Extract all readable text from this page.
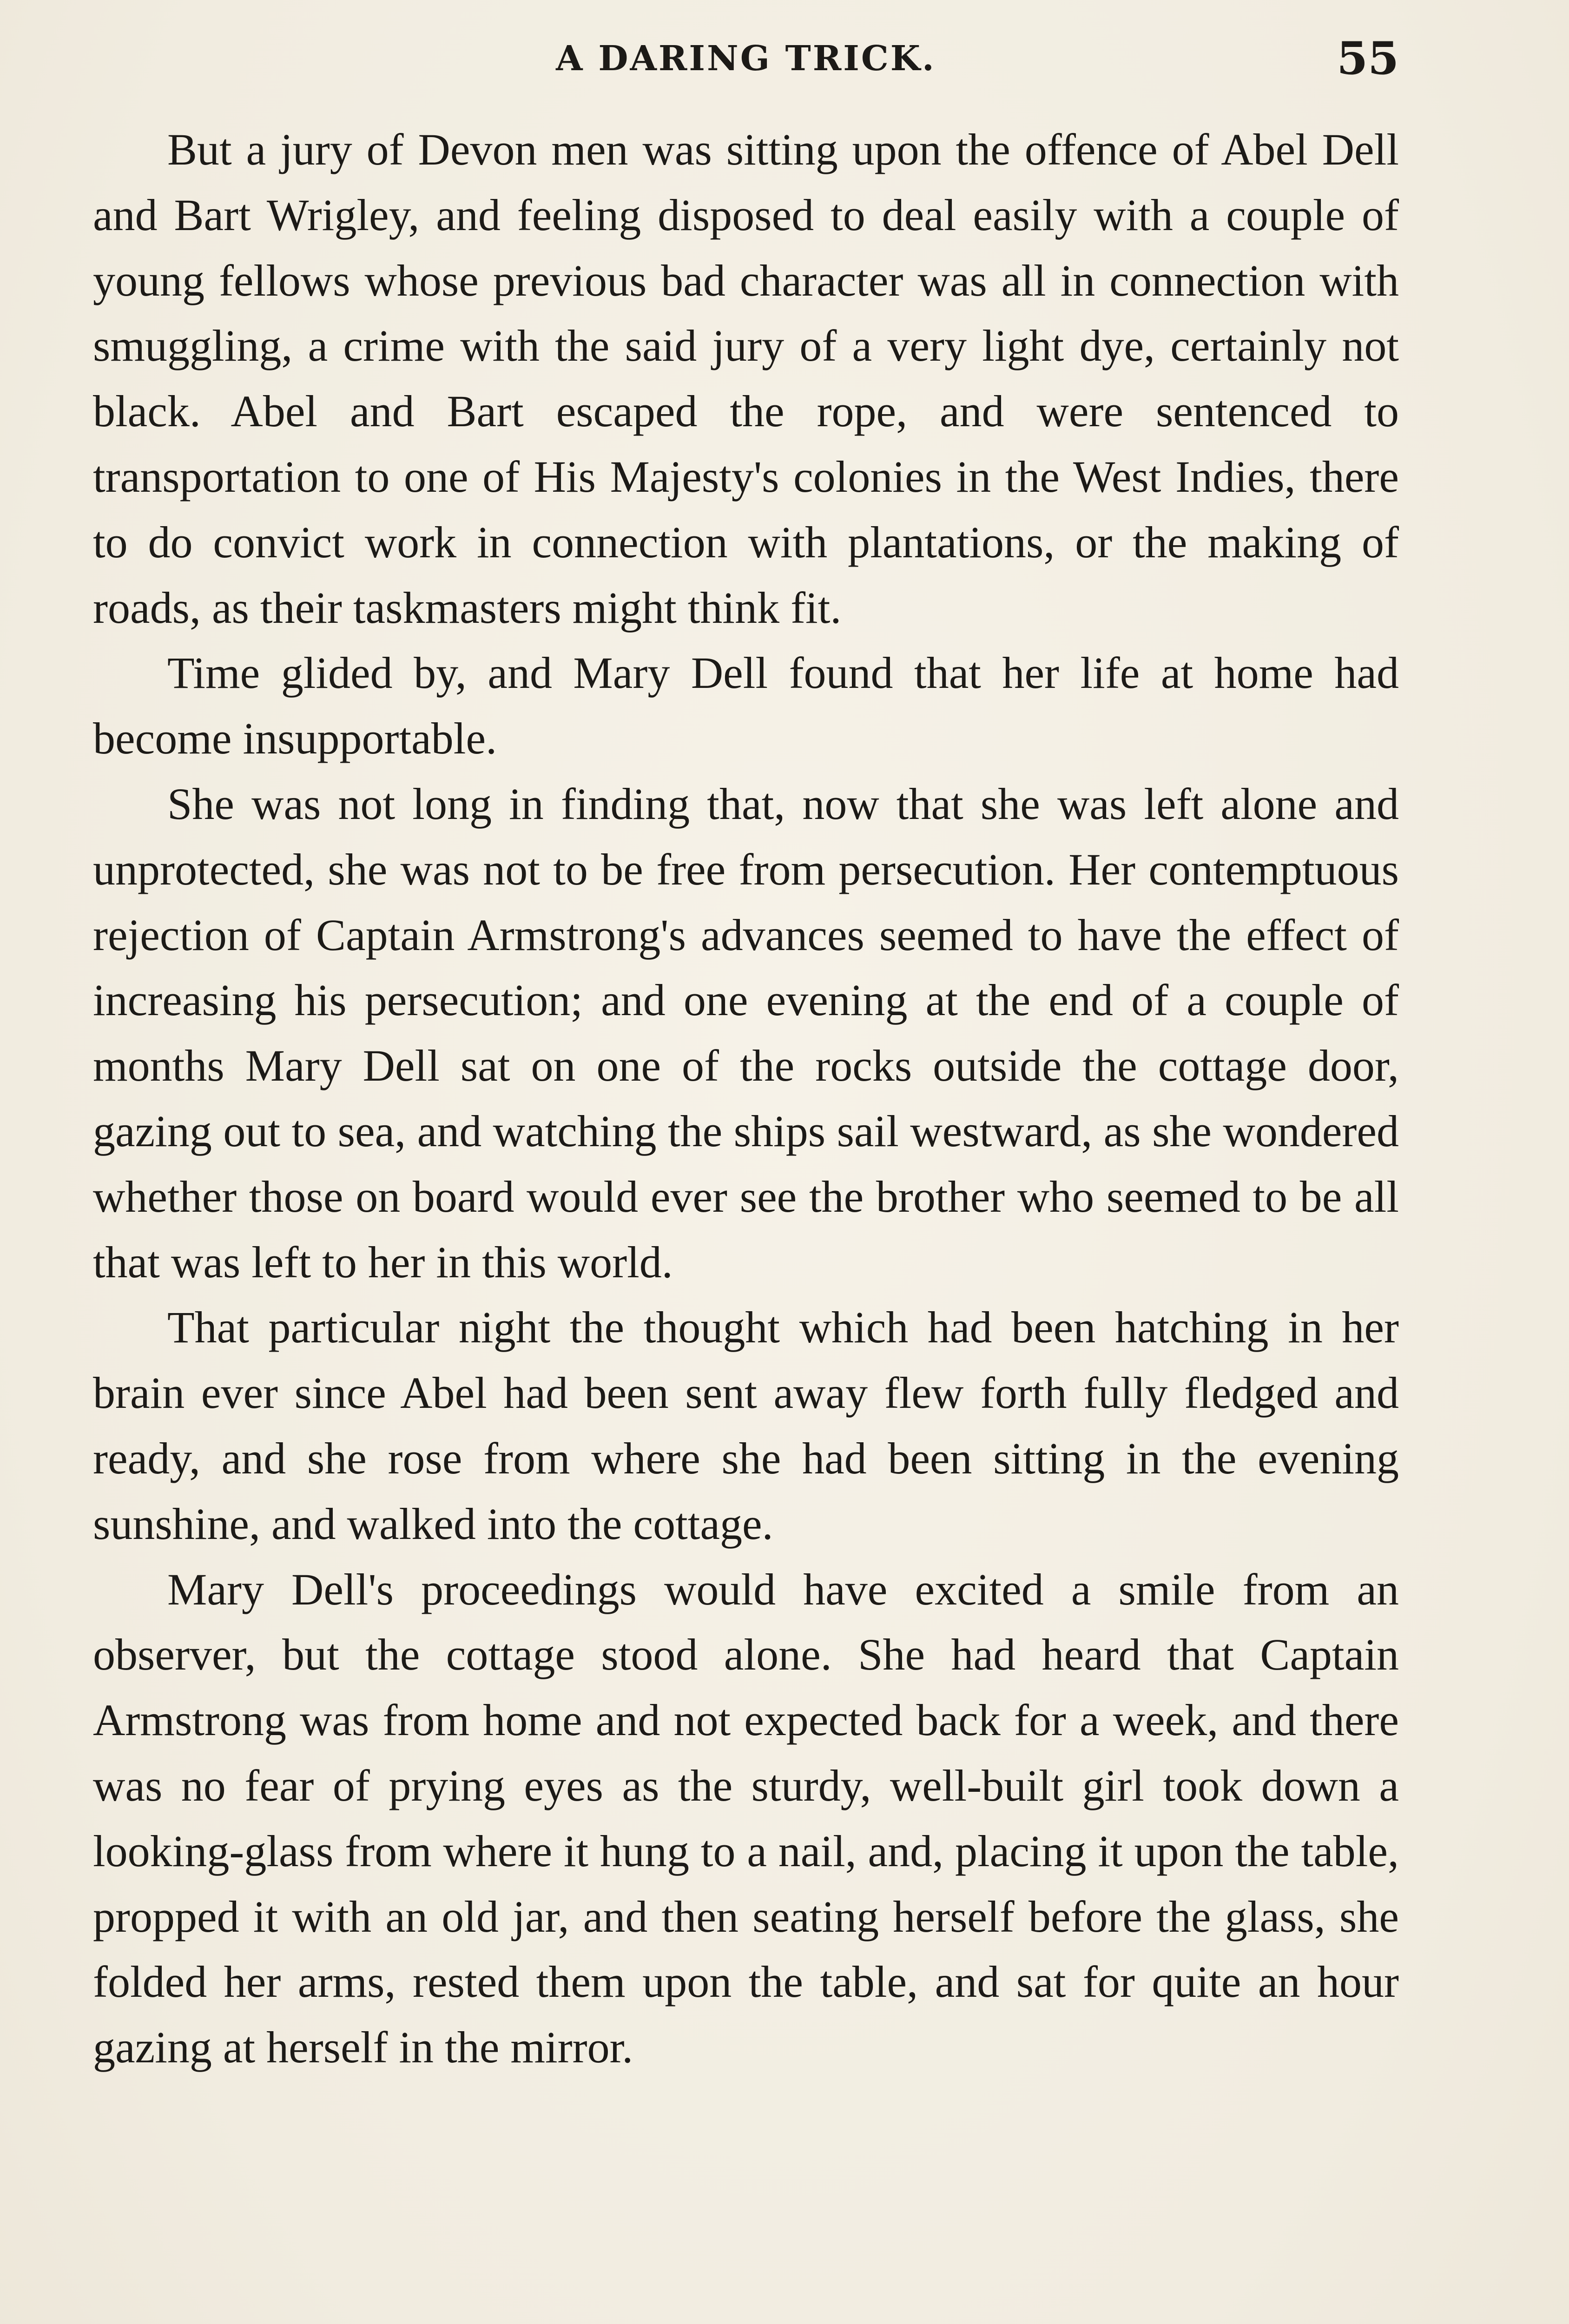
A DARING TRICK.	55

But a jury of Devon men was sitting upon the offence of Abel Dell and Bart Wrigley, and feeling disposed to deal easily with a couple of young fellows whose previous bad character was all in connection with smuggling, a crime with the said jury of a very light dye, certainly not black. Abel and Bart escaped the rope, and were sentenced to transportation to one of His Majesty's colonies in the West Indies, there to do convict work in connection with plantations, or the making of roads, as their taskmasters might think fit.

Time glided by, and Mary Dell found that her life at home had become insupportable.

She was not long in finding that, now that she was left alone and unprotected, she was not to be free from persecution. Her contemptuous rejection of Captain Armstrong's advances seemed to have the effect of increasing his persecution; and one evening at the end of a couple of months Mary Dell sat on one of the rocks outside the cottage door, gazing out to sea, and watching the ships sail westward, as she wondered whether those on board would ever see the brother who seemed to be all that was left to her in this world.

That particular night the thought which had been hatching in her brain ever since Abel had been sent away flew forth fully fledged and ready, and she rose from where she had been sitting in the evening sunshine, and walked into the cottage.

Mary Dell's proceedings would have excited a smile from an observer, but the cottage stood alone. She had heard that Captain Armstrong was from home and not expected back for a week, and there was no fear of prying eyes as the sturdy, well-built girl took down a looking-glass from where it hung to a nail, and, placing it upon the table, propped it with an old jar, and then seating herself before the glass, she folded her arms, rested them upon the table, and sat for quite an hour gazing at herself in the mirror.
